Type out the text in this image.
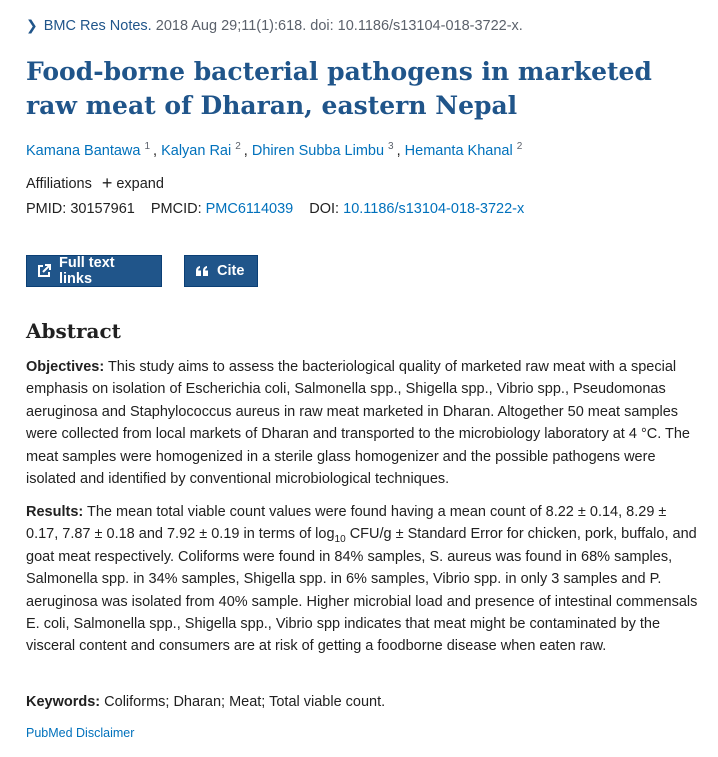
❯ BMC Res Notes. 2018 Aug 29;11(1):618. doi: 10.1186/s13104-018-3722-x.
Food-borne bacterial pathogens in marketed raw meat of Dharan, eastern Nepal
Kamana Bantawa $^1$ , Kalyan Rai $^2$ , Dhiren Subba Limbu $^3$ , Hemanta Khanal $^2$
Affiliations + expand
PMID: 30157961 PMCID: PMC6114039 DOI: 10.1186/s13104-018-3722-x
Full text links	Cite
Abstract

Objectives: This study aims to assess the bacteriological quality of marketed raw meat with a special emphasis on isolation of Escherichia coli, Salmonella spp., Shigella spp., Vibrio spp., Pseudomonas aeruginosa and Staphylococcus aureus in raw meat marketed in Dharan. Altogether 50 meat samples were collected from local markets of Dharan and transported to the microbiology laboratory at 4 °C. The meat samples were homogenized in a sterile glass homogenizer and the possible pathogens were isolated and identified by conventional microbiological techniques.

Results: The mean total viable count values were found having a mean count of 8.22 ± 0.14, 8.29 ± 0.17, 7.87 ± 0.18 and 7.92 ± 0.19 in terms of $\log_{10} CFU/g$ ± Standard Error for chicken, pork, buffalo, and goat meat respectively. Coliforms were found in 84% samples, S. aureus was found in 68% samples, Salmonella spp. in 34% samples, Shigella spp. in 6% samples, Vibrio spp. in only 3 samples and P. aeruginosa was isolated from 40% sample. Higher microbial load and presence of intestinal commensals E. coli, Salmonella spp., Shigella spp., Vibrio spp indicates that meat might be contaminated by the visceral content and consumers are at risk of getting a foodborne disease when eaten raw.

Keywords: Coliforms; Dharan; Meat; Total viable count.

PubMed Disclaimer
